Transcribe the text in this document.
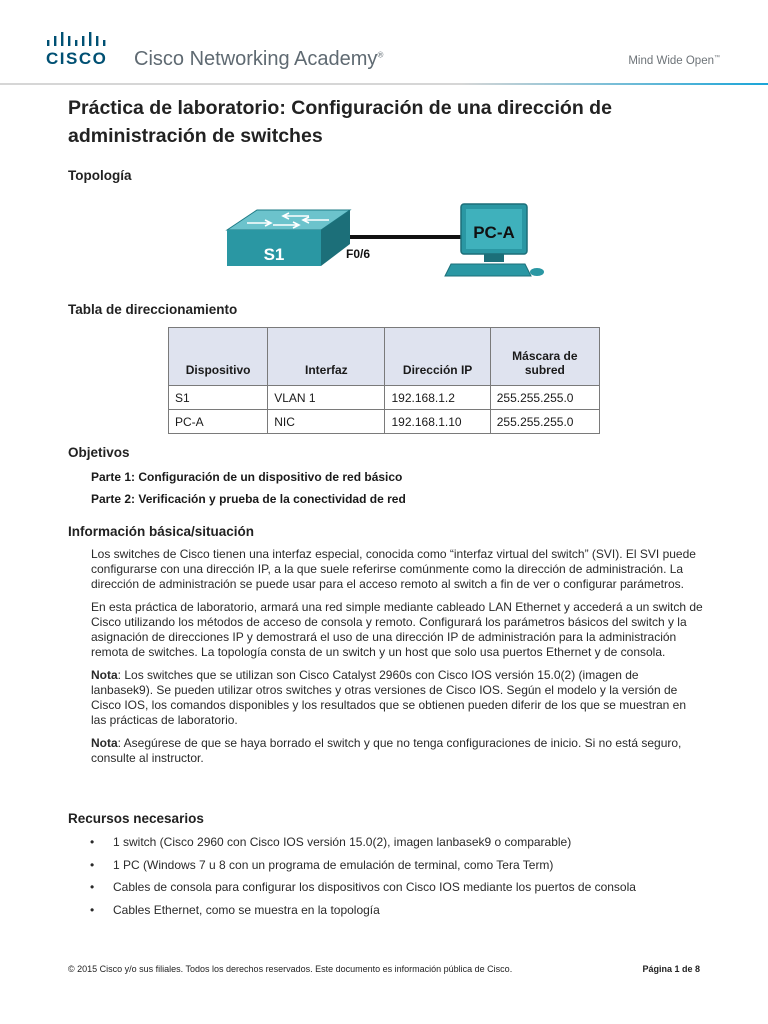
CISCO Cisco Networking Academy®
Mind Wide Open™
Práctica de laboratorio: Configuración de una dirección de administración de switches
Topología
S1	F0/6
PC-A
Tabla de direccionamiento
Dispositivo	Interfaz	Dirección IP	Máscara de subred
S1	VLAN 1	192.168.1.2	255.255.255.0
PC-A	NIC	192.168.1.10	255.255.255.0
Objetivos
Parte 1: Configuración de un dispositivo de red básico
Parte 2: Verificación y prueba de la conectividad de red
Información básica/situación

Los switches de Cisco tienen una interfaz especial, conocida como “interfaz virtual del switch” (SVI). El SVI puede configurarse con una dirección IP, a la que suele referirse comúnmente como la dirección de administración. La dirección de administración se puede usar para el acceso remoto al switch a fin de ver o configurar parámetros.

En esta práctica de laboratorio, armará una red simple mediante cableado LAN Ethernet y accederá a un switch de Cisco utilizando los métodos de acceso de consola y remoto. Configurará los parámetros básicos del switch y la asignación de direcciones IP y demostrará el uso de una dirección IP de administración para la administración remota de switches. La topología consta de un switch y un host que solo usa puertos Ethernet y de consola.

Nota: Los switches que se utilizan son Cisco Catalyst 2960s con Cisco IOS versión 15.0(2) (imagen de lanbasek9). Se pueden utilizar otros switches y otras versiones de Cisco IOS. Según el modelo y la versión de Cisco IOS, los comandos disponibles y los resultados que se obtienen pueden diferir de los que se muestran en las prácticas de laboratorio.

Nota: Asegúrese de que se haya borrado el switch y que no tenga configuraciones de inicio. Si no está seguro, consulte al instructor.

Recursos necesarios
• 1 switch (Cisco 2960 con Cisco IOS versión 15.0(2), imagen lanbasek9 o comparable)
• 1 PC (Windows 7 u 8 con un programa de emulación de terminal, como Tera Term)
• Cables de consola para configurar los dispositivos con Cisco IOS mediante los puertos de consola
• Cables Ethernet, como se muestra en la topología
© 2015 Cisco y/o sus filiales. Todos los derechos reservados. Este documento es información pública de Cisco.	Página 1 de 8
